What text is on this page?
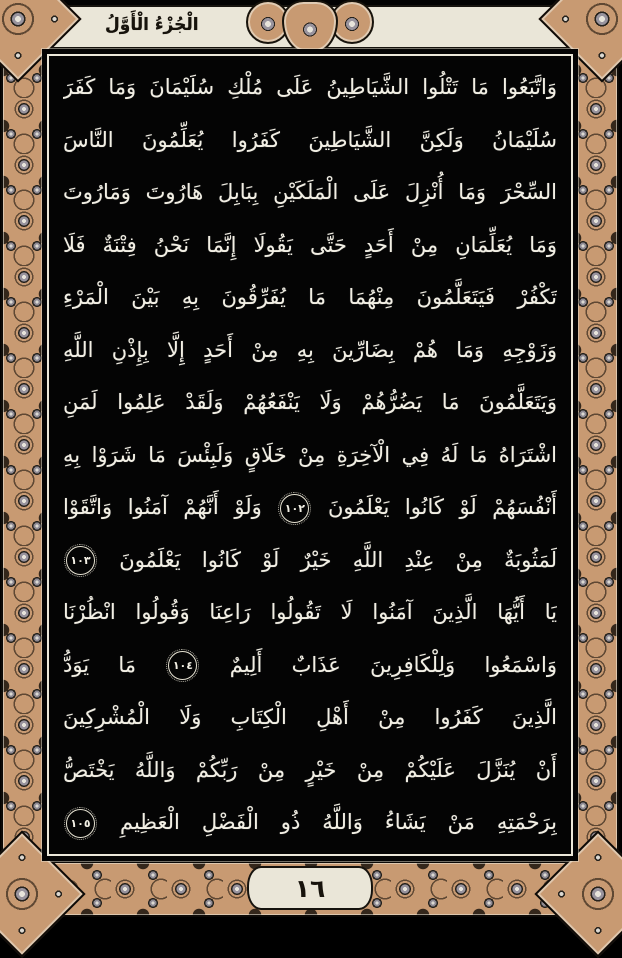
الْجُزْءُ الْأَوَّلُ
وَاتَّبَعُوا مَا تَتْلُوا الشَّيَاطِينُ عَلَى مُلْكِ سُلَيْمَانَ وَمَا كَفَرَ
سُلَيْمَانُ وَلَكِنَّ الشَّيَاطِينَ كَفَرُوا يُعَلِّمُونَ النَّاسَ
السِّحْرَ وَمَا أُنْزِلَ عَلَى الْمَلَكَيْنِ بِبَابِلَ هَارُوتَ وَمَارُوتَ
وَمَا يُعَلِّمَانِ مِنْ أَحَدٍ حَتَّى يَقُولَا إِنَّمَا نَحْنُ فِتْنَةٌ فَلَا
تَكْفُرْ فَيَتَعَلَّمُونَ مِنْهُمَا مَا يُفَرِّقُونَ بِهِ بَيْنَ الْمَرْءِ
وَزَوْجِهِ وَمَا هُمْ بِضَارِّينَ بِهِ مِنْ أَحَدٍ إِلَّا بِإِذْنِ اللَّهِ
وَيَتَعَلَّمُونَ مَا يَضُرُّهُمْ وَلَا يَنْفَعُهُمْ وَلَقَدْ عَلِمُوا لَمَنِ
اشْتَرَاهُ مَا لَهُ فِي الْآخِرَةِ مِنْ خَلَاقٍ وَلَبِئْسَ مَا شَرَوْا بِهِ
أَنْفُسَهُمْ لَوْ كَانُوا يَعْلَمُونَ ١٠٢ وَلَوْ أَنَّهُمْ آمَنُوا وَاتَّقَوْا
لَمَثُوبَةٌ مِنْ عِنْدِ اللَّهِ خَيْرٌ لَوْ كَانُوا يَعْلَمُونَ ١٠٣
يَا أَيُّهَا الَّذِينَ آمَنُوا لَا تَقُولُوا رَاعِنَا وَقُولُوا انْظُرْنَا
وَاسْمَعُوا وَلِلْكَافِرِينَ عَذَابٌ أَلِيمٌ ١٠٤ مَا يَوَدُّ
الَّذِينَ كَفَرُوا مِنْ أَهْلِ الْكِتَابِ وَلَا الْمُشْرِكِينَ
أَنْ يُنَزَّلَ عَلَيْكُمْ مِنْ خَيْرٍ مِنْ رَبِّكُمْ وَاللَّهُ يَخْتَصُّ
بِرَحْمَتِهِ مَنْ يَشَاءُ وَاللَّهُ ذُو الْفَضْلِ الْعَظِيمِ ١٠٥
١٦
